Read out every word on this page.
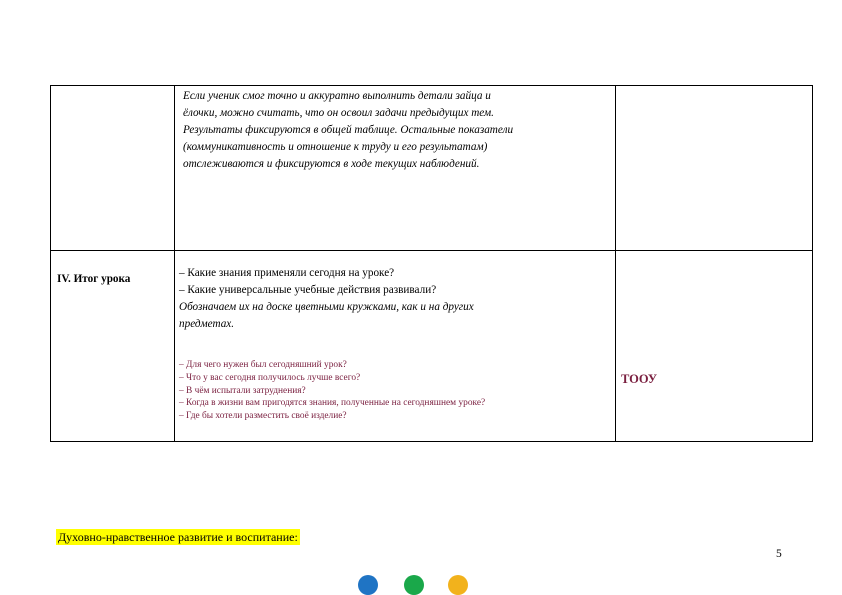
Если ученик смог точно и аккуратно выполнить детали зайца и
ёлочки, можно считать, что он освоил задачи предыдущих тем.
Результаты фиксируются в общей таблице. Остальные показатели
(коммуникативность и отношение к труду и его результатам)
отслеживаются и фиксируются в ходе текущих наблюдений.
IV. Итог урока	– Какие знания применяли сегодня на уроке?
– Какие универсальные учебные действия развивали?
Обозначаем их на доске цветными кружками, как и на других
предметах.
– Для чего нужен был сегодняшний урок?
– Что у вас сегодня получилось лучше всего?
– В чём испытали затруднения?
– Когда в жизни вам пригодятся знания, полученные на сегодняшнем уроке?
– Где бы хотели разместить своё изделие?
ТООУ
Духовно-нравственное развитие и воспитание:
5
